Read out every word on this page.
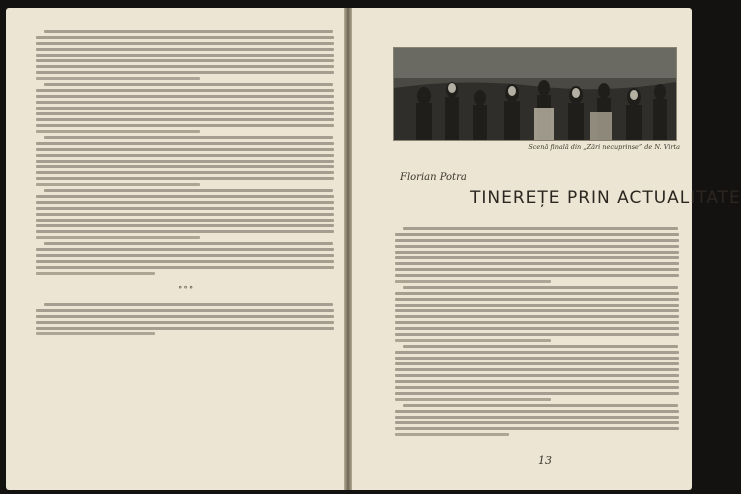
∘∘∘
Scenă finală din „Zări necuprinse” de N. Virta
Florian Potra
TINEREȚE PRIN ACTUALITATE
13
